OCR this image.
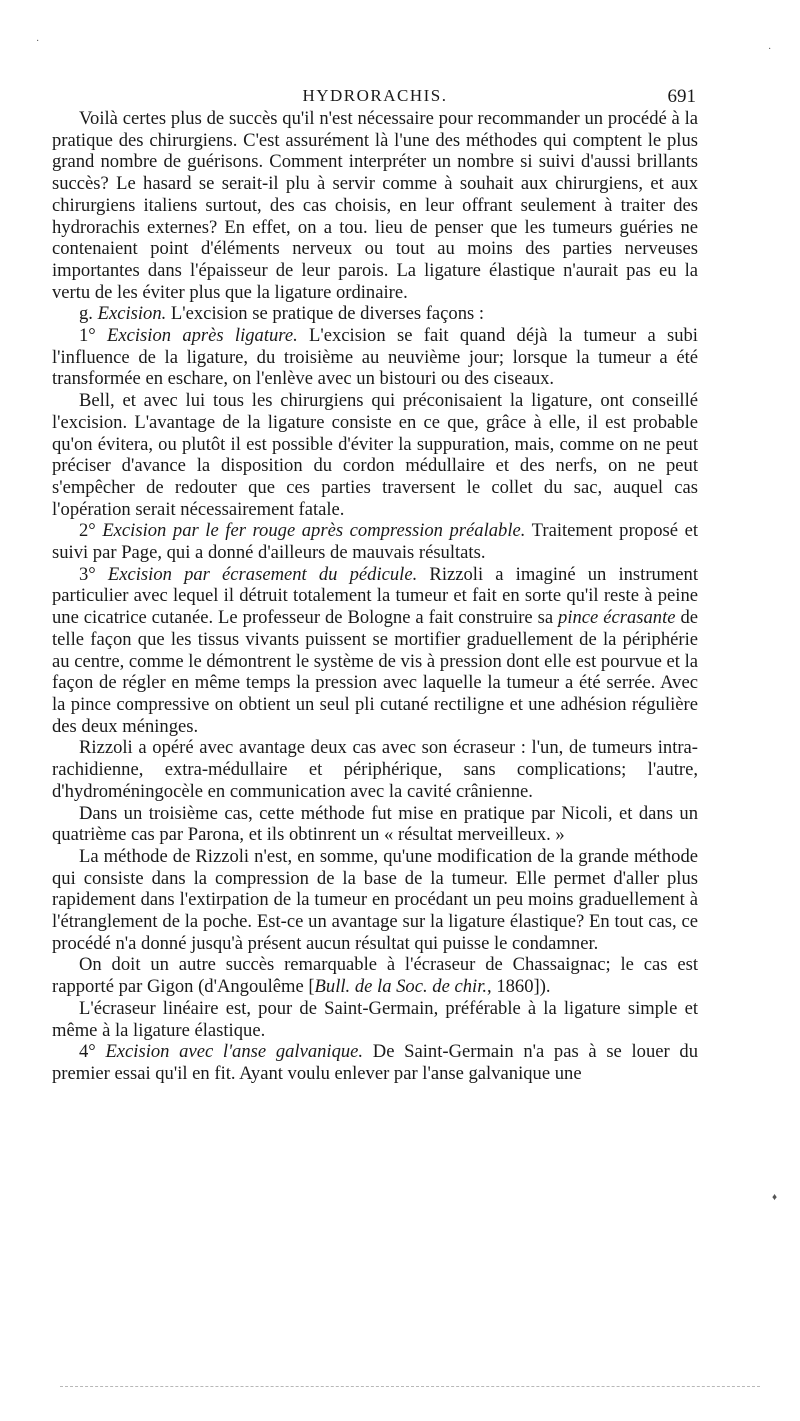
·
·
♦
HYDRORACHIS.	691

Voilà certes plus de succès qu'il n'est nécessaire pour recommander un procédé à la pratique des chirurgiens. C'est assurément là l'une des méthodes qui comptent le plus grand nombre de guérisons. Comment interpréter un nombre si suivi d'aussi brillants succès? Le hasard se serait-il plu à servir comme à souhait aux chirurgiens, et aux chirurgiens italiens surtout, des cas choisis, en leur offrant seulement à traiter des hydrorachis externes? En effet, on a tou. lieu de penser que les tumeurs guéries ne contenaient point d'éléments nerveux ou tout au moins des parties nerveuses importantes dans l'épaisseur de leur parois. La ligature élastique n'aurait pas eu la vertu de les éviter plus que la ligature ordinaire.

g. Excision. L'excision se pratique de diverses façons :

1° Excision après ligature. L'excision se fait quand déjà la tumeur a subi l'influence de la ligature, du troisième au neuvième jour; lorsque la tumeur a été transformée en eschare, on l'enlève avec un bistouri ou des ciseaux.

Bell, et avec lui tous les chirurgiens qui préconisaient la ligature, ont conseillé l'excision. L'avantage de la ligature consiste en ce que, grâce à elle, il est probable qu'on évitera, ou plutôt il est possible d'éviter la suppuration, mais, comme on ne peut préciser d'avance la disposition du cordon médullaire et des nerfs, on ne peut s'empêcher de redouter que ces parties traversent le collet du sac, auquel cas l'opération serait nécessairement fatale.

2° Excision par le fer rouge après compression préalable. Traitement proposé et suivi par Page, qui a donné d'ailleurs de mauvais résultats.

3° Excision par écrasement du pédicule. Rizzoli a imaginé un instrument particulier avec lequel il détruit totalement la tumeur et fait en sorte qu'il reste à peine une cicatrice cutanée. Le professeur de Bologne a fait construire sa pince écrasante de telle façon que les tissus vivants puissent se mortifier graduellement de la périphérie au centre, comme le démontrent le système de vis à pression dont elle est pourvue et la façon de régler en même temps la pression avec laquelle la tumeur a été serrée. Avec la pince compressive on obtient un seul pli cutané rectiligne et une adhésion régulière des deux méninges.

Rizzoli a opéré avec avantage deux cas avec son écraseur : l'un, de tumeurs intra-rachidienne, extra-médullaire et périphérique, sans complications; l'autre, d'hydroméningocèle en communication avec la cavité crânienne.

Dans un troisième cas, cette méthode fut mise en pratique par Nicoli, et dans un quatrième cas par Parona, et ils obtinrent un « résultat merveilleux. »

La méthode de Rizzoli n'est, en somme, qu'une modification de la grande méthode qui consiste dans la compression de la base de la tumeur. Elle permet d'aller plus rapidement dans l'extirpation de la tumeur en procédant un peu moins graduellement à l'étranglement de la poche. Est-ce un avantage sur la ligature élastique? En tout cas, ce procédé n'a donné jusqu'à présent aucun résultat qui puisse le condamner.

On doit un autre succès remarquable à l'écraseur de Chassaignac; le cas est rapporté par Gigon (d'Angoulême [Bull. de la Soc. de chir., 1860]).

L'écraseur linéaire est, pour de Saint-Germain, préférable à la ligature simple et même à la ligature élastique.

4° Excision avec l'anse galvanique. De Saint-Germain n'a pas à se louer du premier essai qu'il en fit. Ayant voulu enlever par l'anse galvanique une
